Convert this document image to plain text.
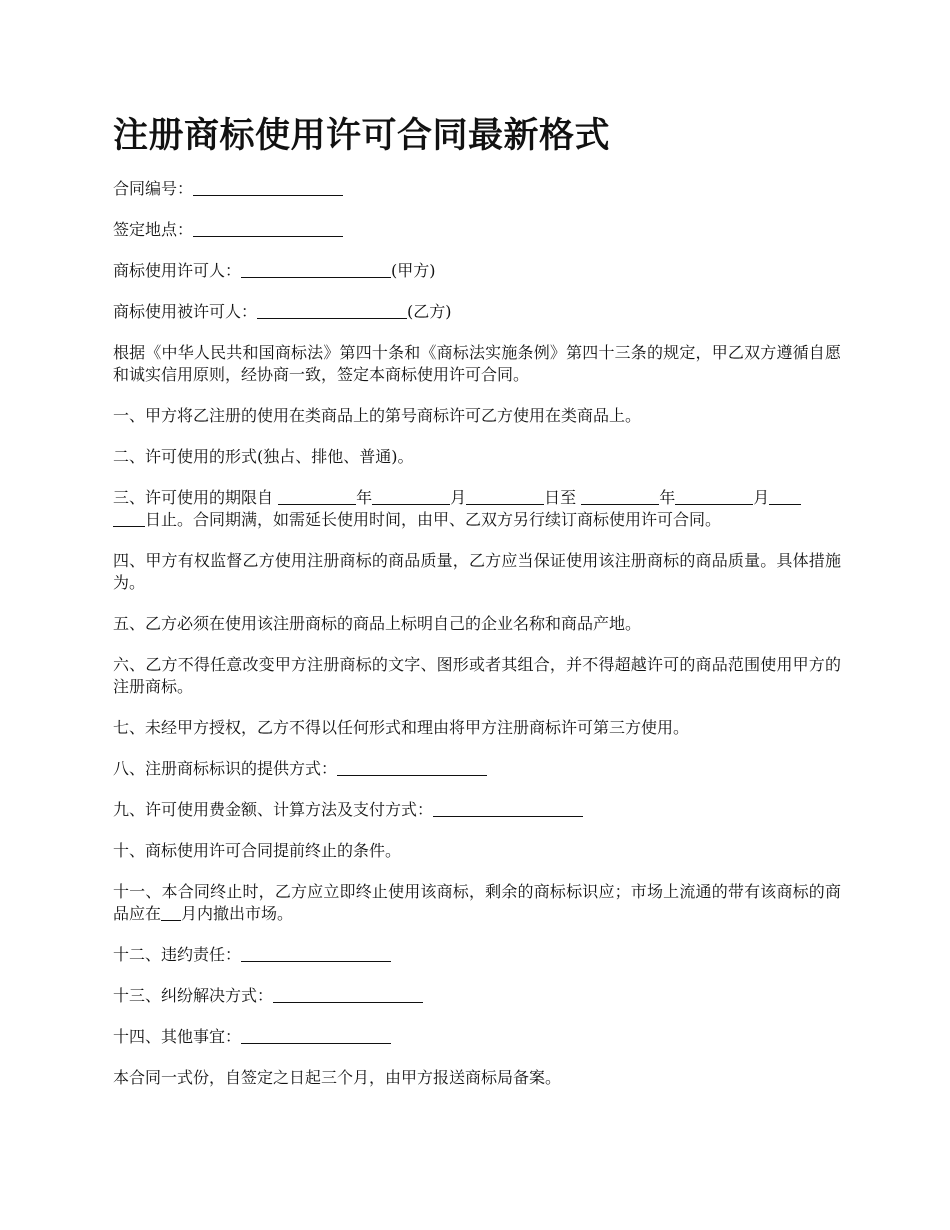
注册商标使用许可合同最新格式

合同编号：

签定地点：

商标使用许可人：	(甲方)

商标使用被许可人：	(乙方)

根据《中华人民共和国商标法》第四十条和《商标法实施条例》第四十三条的规定，甲乙双方遵循自愿和诚实信用原则，经协商一致，签定本商标使用许可合同。

一、甲方将乙注册的使用在类商品上的第号商标许可乙方使用在类商品上。

二、许可使用的形式(独占、排他、普通)。

三、许可使用的期限自	年	月	日至	年	月
日止。合同期满，如需延长使用时间，由甲、乙双方另行续订商标使用许可合同。

四、甲方有权监督乙方使用注册商标的商品质量，乙方应当保证使用该注册商标的商品质量。具体措施为。

五、乙方必须在使用该注册商标的商品上标明自己的企业名称和商品产地。

六、乙方不得任意改变甲方注册商标的文字、图形或者其组合，并不得超越许可的商品范围使用甲方的注册商标。

七、未经甲方授权，乙方不得以任何形式和理由将甲方注册商标许可第三方使用。

八、注册商标标识的提供方式：

九、许可使用费金额、计算方法及支付方式：

十、商标使用许可合同提前终止的条件。

十一、本合同终止时，乙方应立即终止使用该商标，剩余的商标标识应；市场上流通的带有该商标的商品应在 月内撤出市场。

十二、违约责任：

十三、纠纷解决方式：

十四、其他事宜：

本合同一式份，自签定之日起三个月，由甲方报送商标局备案。
